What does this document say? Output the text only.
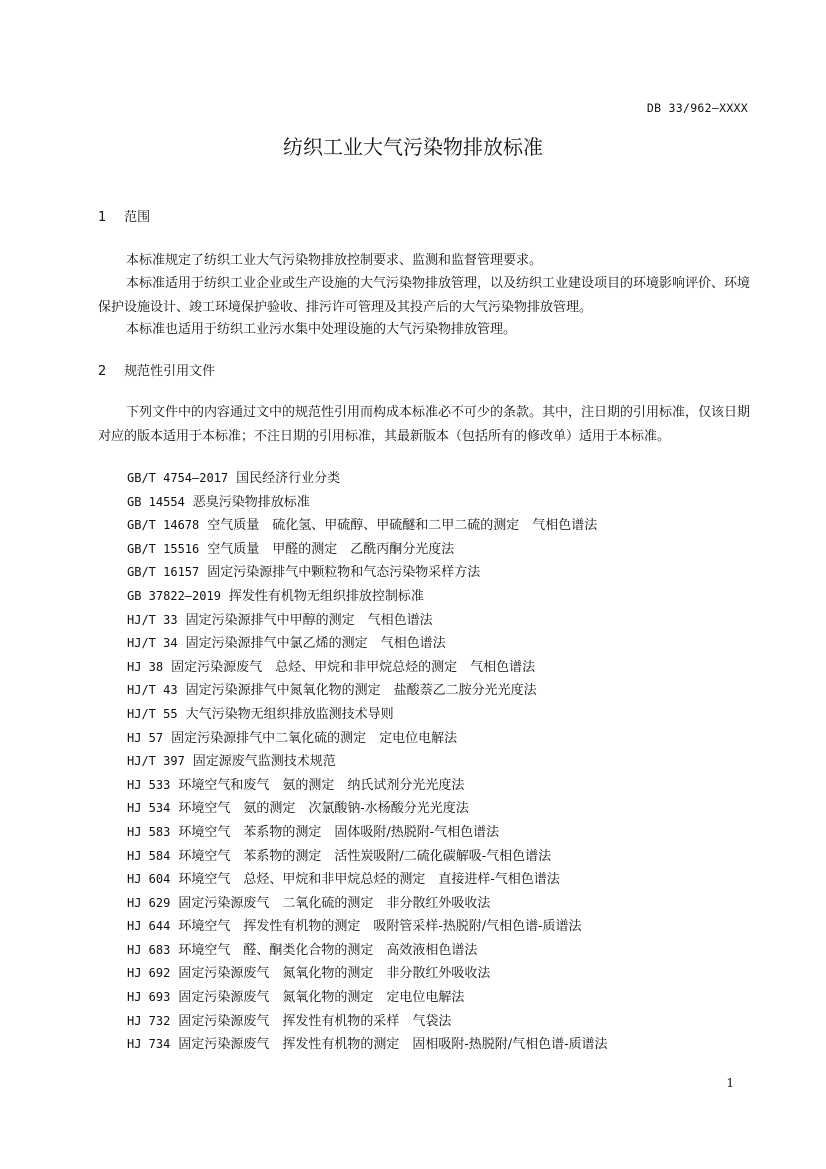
DB 33/962—XXXX
纺织工业大气污染物排放标准
1 范围

本标准规定了纺织工业大气污染物排放控制要求、监测和监督管理要求。

本标准适用于纺织工业企业或生产设施的大气污染物排放管理，以及纺织工业建设项目的环境影响评价、环境保护设施设计、竣工环境保护验收、排污许可管理及其投产后的大气污染物排放管理。

本标准也适用于纺织工业污水集中处理设施的大气污染物排放管理。

2 规范性引用文件

下列文件中的内容通过文中的规范性引用而构成本标准必不可少的条款。其中，注日期的引用标准，仅该日期对应的版本适用于本标准；不注日期的引用标准，其最新版本（包括所有的修改单）适用于本标准。

GB/T 4754—2017 国民经济行业分类
GB 14554 恶臭污染物排放标准
GB/T 14678 空气质量　硫化氢、甲硫醇、甲硫醚和二甲二硫的测定　气相色谱法
GB/T 15516 空气质量　甲醛的测定　乙酰丙酮分光度法
GB/T 16157 固定污染源排气中颗粒物和气态污染物采样方法
GB 37822—2019 挥发性有机物无组织排放控制标准
HJ/T 33 固定污染源排气中甲醇的测定　气相色谱法
HJ/T 34 固定污染源排气中氯乙烯的测定　气相色谱法
HJ 38 固定污染源废气　总烃、甲烷和非甲烷总烃的测定　气相色谱法
HJ/T 43 固定污染源排气中氮氧化物的测定　盐酸萘乙二胺分光光度法
HJ/T 55 大气污染物无组织排放监测技术导则
HJ 57 固定污染源排气中二氧化硫的测定　定电位电解法
HJ/T 397 固定源废气监测技术规范
HJ 533 环境空气和废气　氨的测定　纳氏试剂分光光度法
HJ 534 环境空气　氨的测定　次氯酸钠-水杨酸分光光度法
HJ 583 环境空气　苯系物的测定　固体吸附/热脱附-气相色谱法
HJ 584 环境空气　苯系物的测定　活性炭吸附/二硫化碳解吸-气相色谱法
HJ 604 环境空气　总烃、甲烷和非甲烷总烃的测定　直接进样-气相色谱法
HJ 629 固定污染源废气　二氧化硫的测定　非分散红外吸收法
HJ 644 环境空气　挥发性有机物的测定　吸附管采样-热脱附/气相色谱-质谱法
HJ 683 环境空气　醛、酮类化合物的测定　高效液相色谱法
HJ 692 固定污染源废气　氮氧化物的测定　非分散红外吸收法
HJ 693 固定污染源废气　氮氧化物的测定　定电位电解法
HJ 732 固定污染源废气　挥发性有机物的采样　气袋法
HJ 734 固定污染源废气　挥发性有机物的测定　固相吸附-热脱附/气相色谱-质谱法
1
